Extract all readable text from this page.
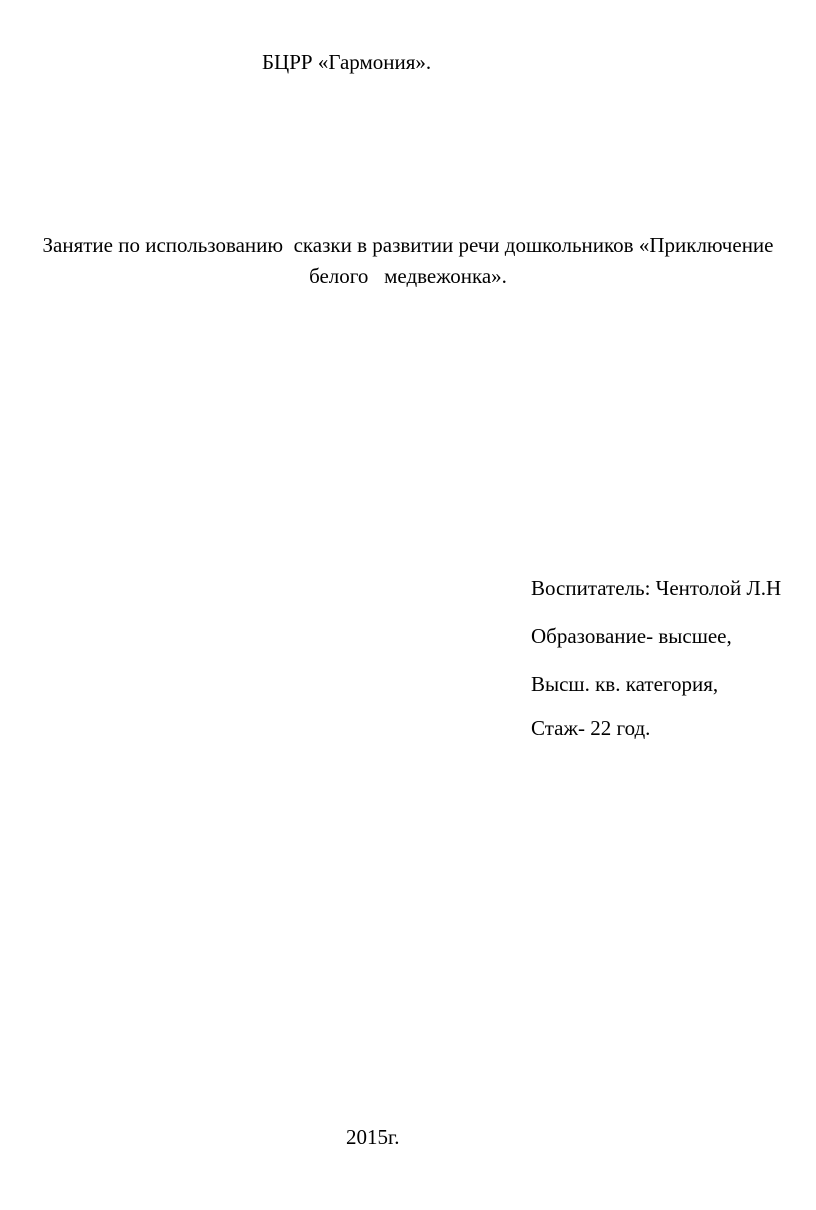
БЦРР «Гармония».
Занятие по использованию  сказки в развитии речи дошкольников «Приключение
белого   медвежонка».
Воспитатель: Чентолой Л.Н
Образование- высшее,
Высш. кв. категория,
Стаж- 22 год.
2015г.
